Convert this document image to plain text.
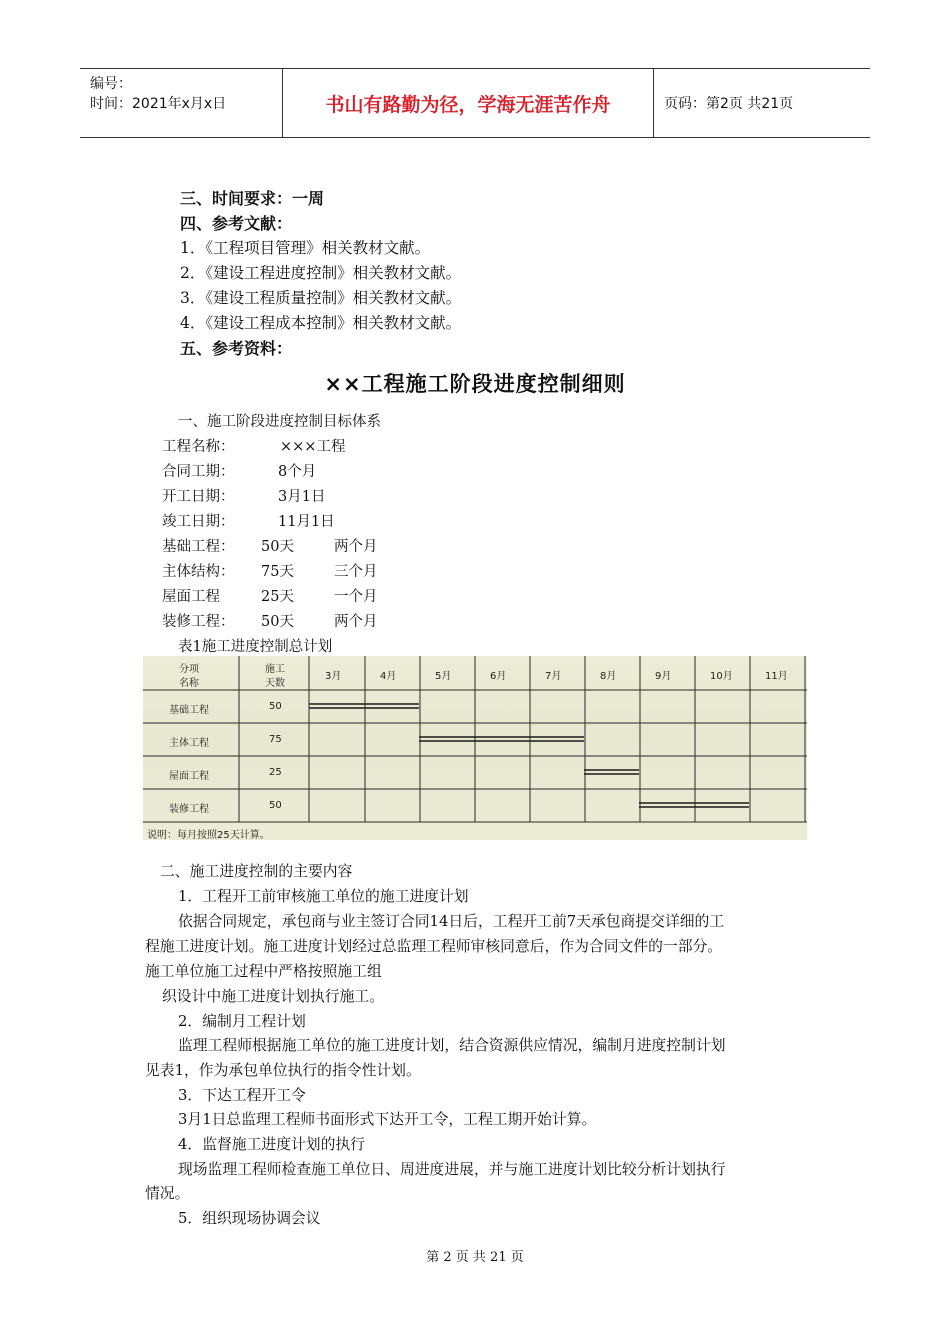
编号：
时间：2021年x月x日	书山有路勤为径，学海无涯苦作舟	页码：第2页 共21页
三、时间要求：一周
四、参考文献：
1．《工程项目管理》相关教材文献。
2．《建设工程进度控制》相关教材文献。
3．《建设工程质量控制》相关教材文献。
4．《建设工程成本控制》相关教材文献。
五、参考资料：
××工程施工阶段进度控制细则
一、施工阶段进度控制目标体系
工程名称：	×××工程
合同工期：	8个月
开工日期：	3月1日
竣工日期：	11月1日
基础工程： 50天	两个月
主体结构： 75天	三个月
屋面工程	25天	一个月
装修工程： 50天	两个月
表1施工进度控制总计划
分项
名称
施工
天数
3月	4月	5月	6月	7月	8月	9月	10月	11月
基础工程	50
主体工程	75
屋面工程	25
装修工程	50
说明：每月按照25天计算。
二、施工进度控制的主要内容
1．工程开工前审核施工单位的施工进度计划
依据合同规定，承包商与业主签订合同14日后，工程开工前7天承包商提交详细的工
程施工进度计划。施工进度计划经过总监理工程师审核同意后，作为合同文件的一部分。
施工单位施工过程中严格按照施工组
织设计中施工进度计划执行施工。
2．编制月工程计划
监理工程师根据施工单位的施工进度计划，结合资源供应情况，编制月进度控制计划
见表1，作为承包单位执行的指令性计划。
3．下达工程开工令
3月1日总监理工程师书面形式下达开工令，工程工期开始计算。
4．监督施工进度计划的执行
现场监理工程师检查施工单位日、周进度进展，并与施工进度计划比较分析计划执行
情况。
5．组织现场协调会议
第 2 页 共 21 页
